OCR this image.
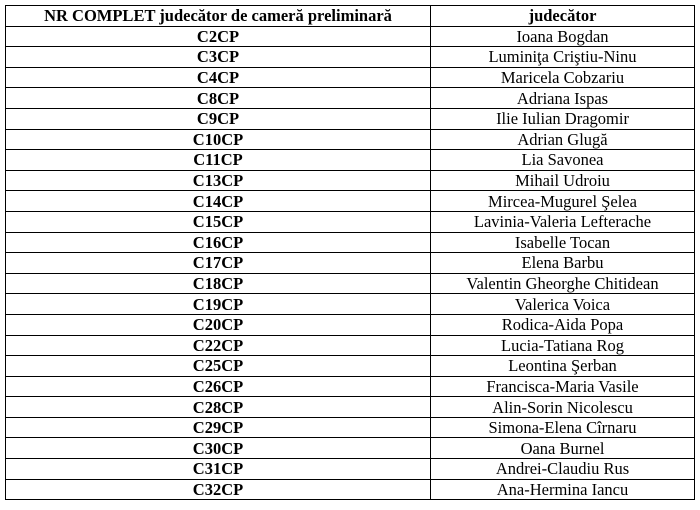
NR COMPLET judecător de cameră preliminară	judecător
C2CP	Ioana Bogdan
C3CP	Luminiţa Criştiu-Ninu
C4CP	Maricela Cobzariu
C8CP	Adriana Ispas
C9CP	Ilie Iulian Dragomir
C10CP	Adrian Glugă
C11CP	Lia Savonea
C13CP	Mihail Udroiu
C14CP	Mircea-Mugurel Şelea
C15CP	Lavinia-Valeria Lefterache
C16CP	Isabelle Tocan
C17CP	Elena Barbu
C18CP	Valentin Gheorghe Chitidean
C19CP	Valerica Voica
C20CP	Rodica-Aida Popa
C22CP	Lucia-Tatiana Rog
C25CP	Leontina Şerban
C26CP	Francisca-Maria Vasile
C28CP	Alin-Sorin Nicolescu
C29CP	Simona-Elena Cîrnaru
C30CP	Oana Burnel
C31CP	Andrei-Claudiu Rus
C32CP	Ana-Hermina Iancu
